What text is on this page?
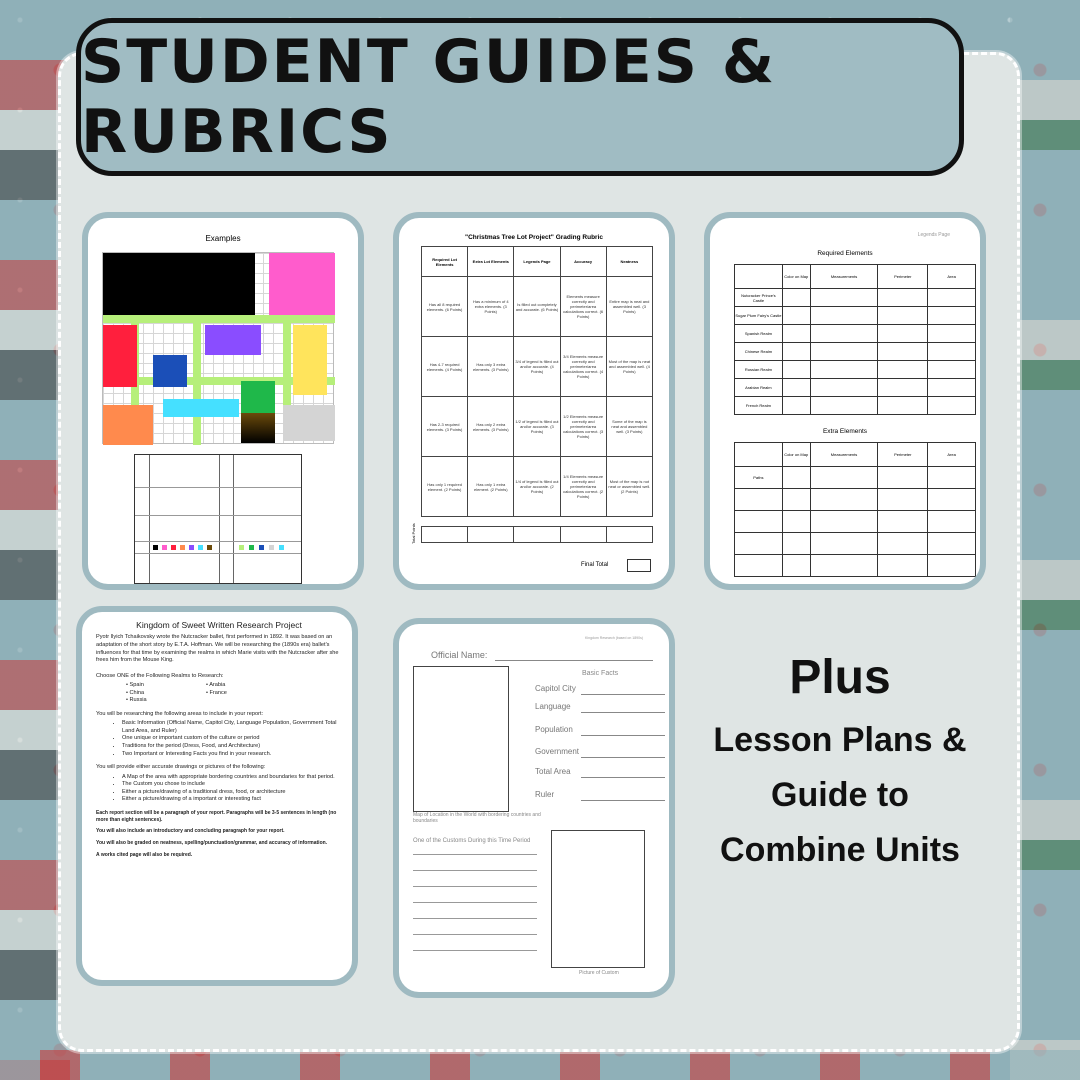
STUDENT GUIDES & RUBRICS
Examples	"Christmas Tree Lot Project" Grading Rubric
Required Lot Elements	Extra Lot Elements	Legends Page	Accuracy	Neatness
Has all 8 required elements. (6 Points)	Has a minimum of 4 extra elements. (3 Points)	Is filled out completely and accurate. (6 Points)	Elements measure correctly and perimeter/area calculations correct. (6 Points)	Entire map is neat and assembled well. (3 Points)
Has 4-7 required elements. (4 Points)	Has only 3 extra elements. (3 Points)	3/4 of legend is filled out and/or accurate. (4 Points)	3/4 Elements measure correctly and perimeter/area calculations correct. (4 Points)	Most of the map is neat and assembled well. (4 Points)
Has 2-3 required elements. (3 Points)	Has only 2 extra elements. (3 Points)	1/2 of legend is filled out and/or accurate. (3 Points)	1/2 Elements measure correctly and perimeter/area calculations correct. (3 Points)	Some of the map is neat and assembled well. (3 Points)
Has only 1 required element. (2 Points)	Has only 1 extra element. (2 Points)	1/4 of legend is filled out and/or accurate. (2 Points)	1/4 Elements measure correctly and perimeter/area calculations correct. (2 Points)	Most of the map is not neat or assembled well. (2 Points)
Total Points
Final Total
Legends Page
Required Elements
	Color on Map	Measurements	Perimeter	Area
Nutcracker Prince's Castle				
Sugar Plum Fairy's Castle				
Spanish Realm				
Chinese Realm				
Russian Realm				
Arabian Realm				
French Realm				
Extra Elements
	Color on Map	Measurements	Perimeter	Area
Paths				

Kingdom of Sweet Written Research Project

Pyotr Ilyich Tchaikovsky wrote the Nutcracker ballet, first performed in 1892. It was based on an adaptation of the short story by E.T.A. Hoffman. We will be researching the (1890s era) ballet's influences for that time by examining the realms in which Marie visits with the Nutcracker after she frees him from the Mouse King.

Choose ONE of the Following Realms to Research:

• Spain	• Arabia
• China	• France
• Russia

You will be researching the following areas to include in your report:

• Basic Information (Official Name, Capitol City, Language Population, Government Total Land Area, and Ruler)
• One unique or important custom of the culture or period
• Traditions for the period (Dress, Food, and Architecture)
• Two Important or Interesting Facts you find in your research.

You will provide either accurate drawings or pictures of the following:

• A Map of the area with appropriate bordering countries and boundaries for that period.
• The Custom you chose to include
• Either a picture/drawing of a traditional dress, food, or architecture
• Either a picture/drawing of a important or interesting fact

Each report section will be a paragraph of your report. Paragraphs will be 3-5 sentences in length (no more than eight sentences).

You will also include an introductory and concluding paragraph for your report.

You will also be graded on neatness, spelling/punctuation/grammar, and accuracy of information.

A works cited page will also be required.

Kingdom Research (based on 1890s)
Official Name:
Basic Facts
Capitol City
Language
Population
Government
Total Area
Ruler
Map of Location in the World with bordering countries and boundaries
One of the Customs During this Time Period
Picture of Custom
Plus
Lesson Plans &
Guide to
Combine Units
